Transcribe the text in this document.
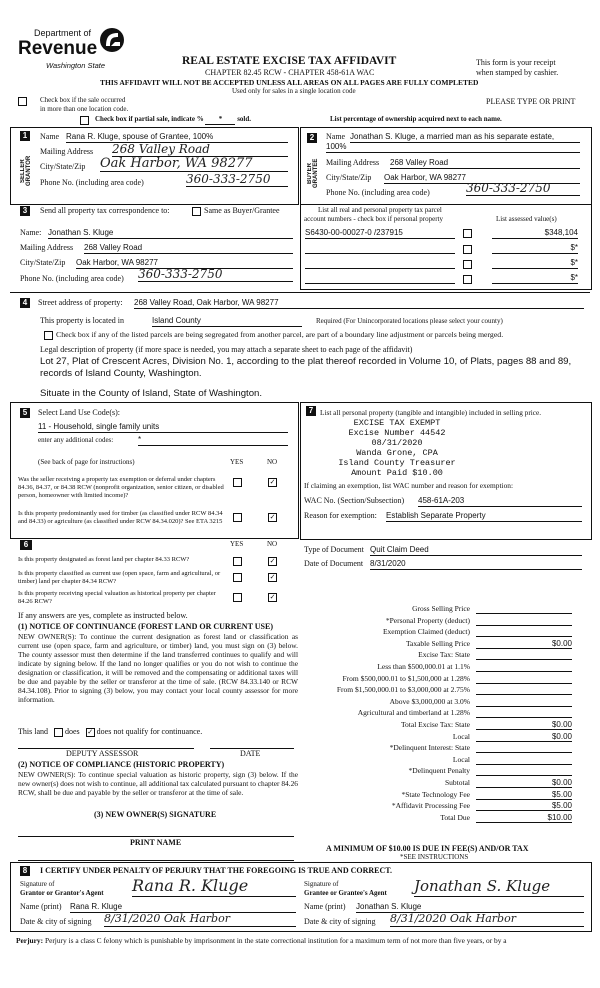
Department of
Revenue
Washington State	REAL ESTATE EXCISE TAX AFFIDAVIT
CHAPTER 82.45 RCW - CHAPTER 458-61A WAC
THIS AFFIDAVIT WILL NOT BE ACCEPTED UNLESS ALL AREAS ON ALL PAGES ARE FULLY COMPLETED
Used only for sales in a single location code
This form is your receipt
when stamped by cashier.
Check box if the sale occurred
in more than one location code.
PLEASE TYPE OR PRINT
Check box if partial sale, indicate % * sold.	List percentage of ownership acquired next to each name.
1
SELLER GRANTOR
Name Rana R. Kluge, spouse of Grantee, 100%
Mailing Address 268 Valley Road
City/State/Zip Oak Harbor, WA 98277
Phone No. (including area code)	360-333-2750
2
BUYER GRANTEE
Name Jonathan S. Kluge, a married man as his separate estate,
100%
Mailing Address 268 Valley Road
City/State/Zip Oak Harbor, WA 98277
Phone No. (including area code)	360-333-2750
3	Send all property tax correspondence to:	Same as Buyer/Grantee
Name: Jonathan S. Kluge
Mailing Address 268 Valley Road
City/State/Zip Oak Harbor, WA 98277
Phone No. (including area code) 360-333-2750
List all real and personal property tax parcel
account numbers - check box if personal property	List assessed value(s)
S6430-00-00027-0 /237915	$348,104
$*
$*
$*
4	Street address of property: 268 Valley Road, Oak Harbor, WA 98277
This property is located in	Island County	Required (For Unincorporated locations please select your county)
Check box if any of the listed parcels are being segregated from another parcel, are part of a boundary line adjustment or parcels being merged.
Legal description of property (if more space is needed, you may attach a separate sheet to each page of the affidavit)
Lot 27, Plat of Crescent Acres, Division No. 1, according to the plat thereof recorded in Volume 10, of Plats, pages 88 and 89,
records of Island County, Washington.
Situate in the County of Island, State of Washington.
5	Select Land Use Code(s):
11 - Household, single family units
enter any additional codes:	*
(See back of page for instructions)	YES	NO
Was the seller receiving a property tax exemption or deferral under chapters 84.36, 84.37, or 84.38 RCW (nonprofit organization, senior citizen, or disabled person, homeowner with limited income)?
✓
Is this property predominantly used for timber (as classified under RCW 84.34 and 84.33) or agriculture (as classified under RCW 84.34.020)? See ETA 3215
✓
6	YES	NO
Is this property designated as forest land per chapter 84.33 RCW?	✓
Is this property classified as current use (open space, farm and agricultural, or timber) land per chapter 84.34 RCW?
✓
Is this property receiving special valuation as historical property per chapter 84.26 RCW?
✓
If any answers are yes, complete as instructed below.
(1) NOTICE OF CONTINUANCE (FOREST LAND OR CURRENT USE)
NEW OWNER(S): To continue the current designation as forest land or classification as current use (open space, farm and agriculture, or timber) land, you must sign on (3) below. The county assessor must then determine if the land transferred continues to qualify and will indicate by signing below. If the land no longer qualifies or you do not wish to continue the designation or classification, it will be removed and the compensating or additional taxes will be due and payable by the seller or transferor at the time of sale. (RCW 84.33.140 or RCW 84.34.108). Prior to signing (3) below, you may contact your local county assessor for more information.
This land does ✓ does not qualify for continuance.
DEPUTY ASSESSOR	DATE
(2) NOTICE OF COMPLIANCE (HISTORIC PROPERTY)
NEW OWNER(S): To continue special valuation as historic property, sign (3) below. If the new owner(s) does not wish to continue, all additional tax calculated pursuant to chapter 84.26 RCW, shall be due and payable by the seller or transferor at the time of sale.
(3) NEW OWNER(S) SIGNATURE
PRINT NAME
7 List all personal property (tangible and intangible) included in selling price.
EXCISE TAX EXEMPT
Excise Number 44542
08/31/2020
Wanda Grone, CPA
Island County Treasurer
Amount Paid $10.00
If claiming an exemption, list WAC number and reason for exemption:
WAC No. (Section/Subsection) 458-61A-203
Reason for exemption: Establish Separate Property
Type of Document Quit Claim Deed
Date of Document 8/31/2020
Gross Selling Price
*Personal Property (deduct)
Exemption Claimed (deduct)
Taxable Selling Price	$0.00
Excise Tax: State
Less than $500,000.01 at 1.1%
From $500,000.01 to $1,500,000 at 1.28%
From $1,500,000.01 to $3,000,000 at 2.75%
Above $3,000,000 at 3.0%
Agricultural and timberland at 1.28%
Total Excise Tax: State	$0.00
Local	$0.00
*Delinquent Interest: State
Local
*Delinquent Penalty
Subtotal	$0.00
*State Technology Fee	$5.00
*Affidavit Processing Fee	$5.00
Total Due	$10.00
A MINIMUM OF $10.00 IS DUE IN FEE(S) AND/OR TAX
*SEE INSTRUCTIONS
8	I CERTIFY UNDER PENALTY OF PERJURY THAT THE FOREGOING IS TRUE AND CORRECT.
Signature of
Grantor or Grantor's Agent Rana R. Kluge
Name (print) Rana R. Kluge
Date & city of signing 8/31/2020 Oak Harbor
Signature of
Grantee or Grantee's Agent Jonathan S. Kluge
Name (print) Jonathan S. Kluge
Date & city of signing 8/31/2020 Oak Harbor
Perjury: Perjury is a class C felony which is punishable by imprisonment in the state correctional institution for a maximum term of not more than five years, or by a
